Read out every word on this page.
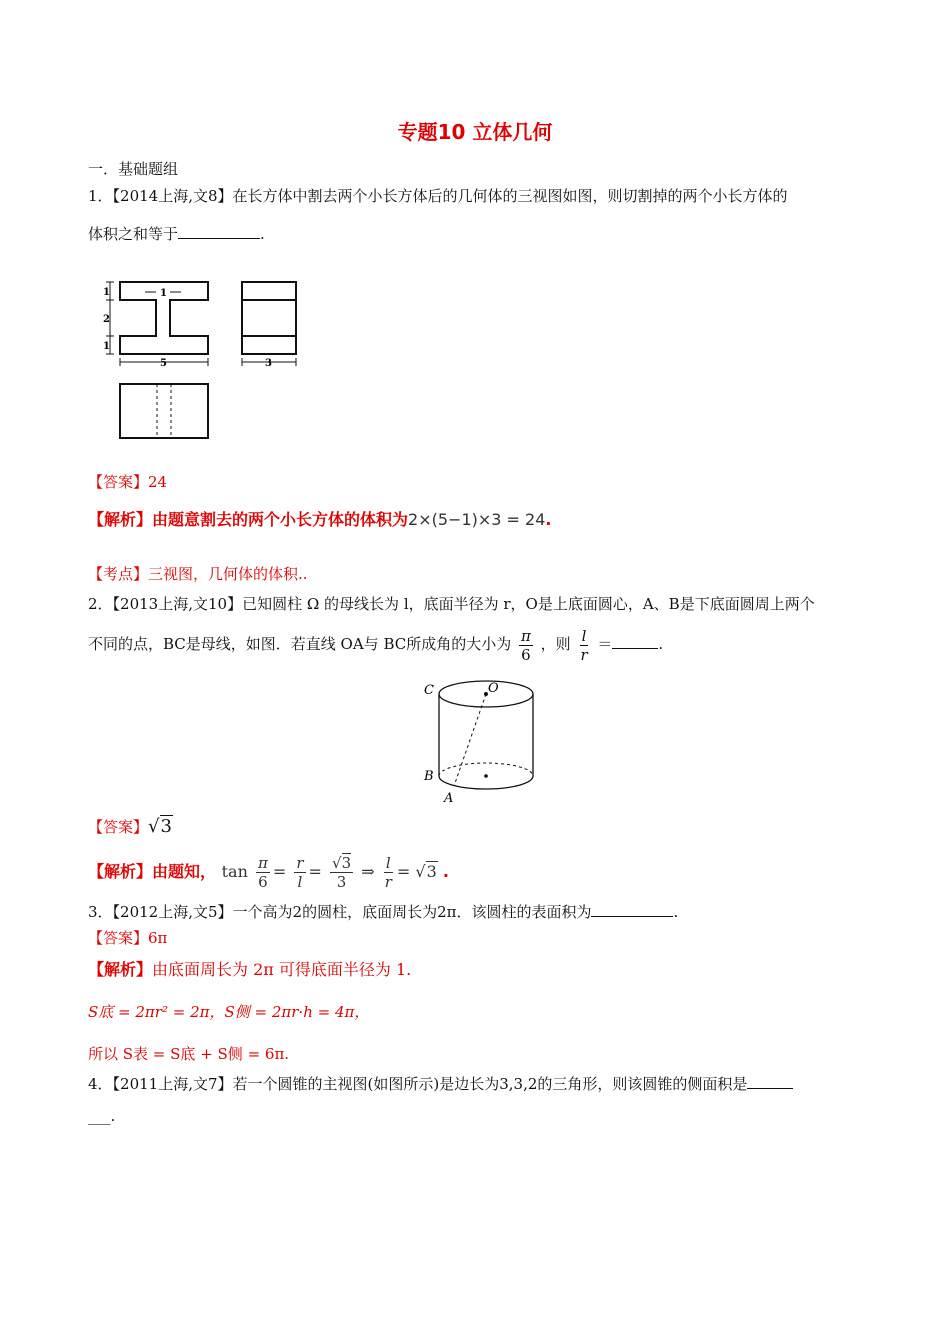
专题10 立体几何
一．基础题组
1．【2014上海,文8】在长方体中割去两个小长方体后的几何体的三视图如图，则切割掉的两个小长方体的
体积之和等于	.
1
2
1
1
5	3
【答案】24
【解析】由题意割去的两个小长方体的体积为2×(5−1)×3 = 24.
【考点】三视图，几何体的体积..
2．【2013上海,文10】已知圆柱 Ω 的母线长为 l，底面半径为 r，O是上底面圆心，A、B是下底面圆周上两个
不同的点，BC是母线，如图．若直线 OA与 BC所成角的大小为 $\frac{\pi}{6}$ ，则 $\frac{l}{r}$ ＝	.
C	O
B
A
【答案】√3
【解析】由题知， $\tan \frac{\pi}{6} = \frac{r}{l} = \frac{√3}{3}$ ⇒ $\frac{l}{r} = √3$ .
3．【2012上海,文5】一个高为2的圆柱，底面周长为2π．该圆柱的表面积为	.
【答案】6π
【解析】由底面周长为 2π 可得底面半径为 1.
S底 = 2πr² = 2π，S侧 = 2πr·h = 4π，
所以 S表 = S底 + S侧 = 6π.
4．【2011上海,文7】若一个圆锥的主视图(如图所示)是边长为3,3,2的三角形，则该圆锥的侧面积是
___.
